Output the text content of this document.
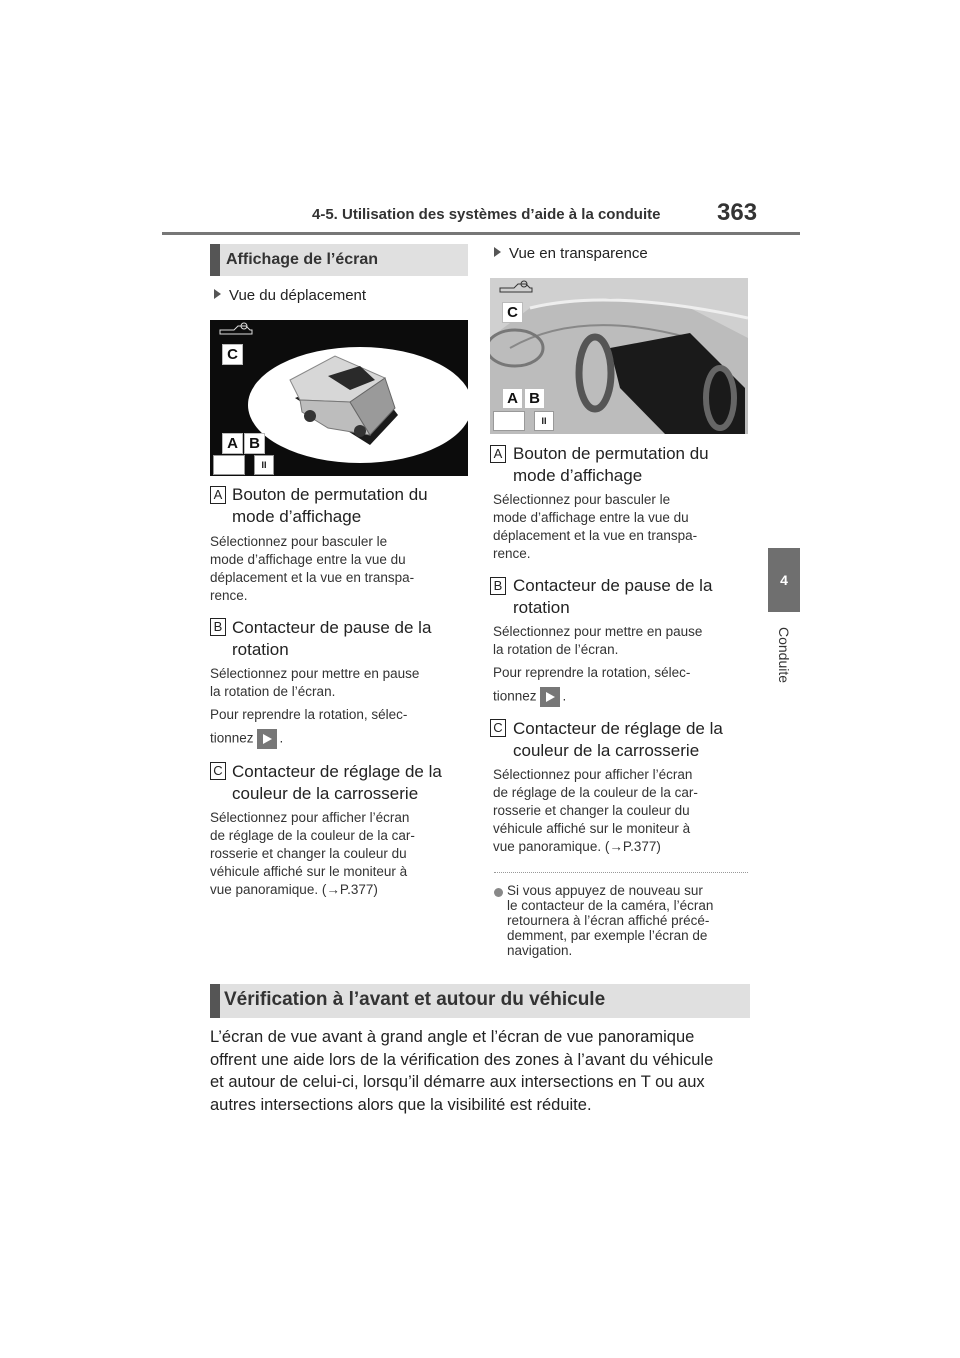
4-5. Utilisation des systèmes d’aide à la conduite 363
4
Conduite
Affichage de l’écran
Vue du déplacement
C
A B
II
A Bouton de permutation du
mode d’affichage
Sélectionnez pour basculer le
mode d’affichage entre la vue du
déplacement et la vue en transpa-
rence.
B Contacteur de pause de la
rotation
Sélectionnez pour mettre en pause
la rotation de l’écran.
Pour reprendre la rotation, sélec-
tionnez .
C Contacteur de réglage de la
couleur de la carrosserie
Sélectionnez pour afficher l’écran
de réglage de la couleur de la car-
rosserie et changer la couleur du
véhicule affiché sur le moniteur à
vue panoramique. (→P.377)
Vue en transparence
C
A B
II
A Bouton de permutation du
mode d’affichage
Sélectionnez pour basculer le
mode d’affichage entre la vue du
déplacement et la vue en transpa-
rence.
B Contacteur de pause de la
rotation
Sélectionnez pour mettre en pause
la rotation de l’écran.
Pour reprendre la rotation, sélec-
tionnez .
C Contacteur de réglage de la
couleur de la carrosserie
Sélectionnez pour afficher l’écran
de réglage de la couleur de la car-
rosserie et changer la couleur du
véhicule affiché sur le moniteur à
vue panoramique. (→P.377)
Si vous appuyez de nouveau sur
le contacteur de la caméra, l’écran
retournera à l’écran affiché précé-
demment, par exemple l’écran de
navigation.
Vérification à l’avant et autour du véhicule
L’écran de vue avant à grand angle et l’écran de vue panoramique
offrent une aide lors de la vérification des zones à l’avant du véhicule
et autour de celui-ci, lorsqu’il démarre aux intersections en T ou aux
autres intersections alors que la visibilité est réduite.
